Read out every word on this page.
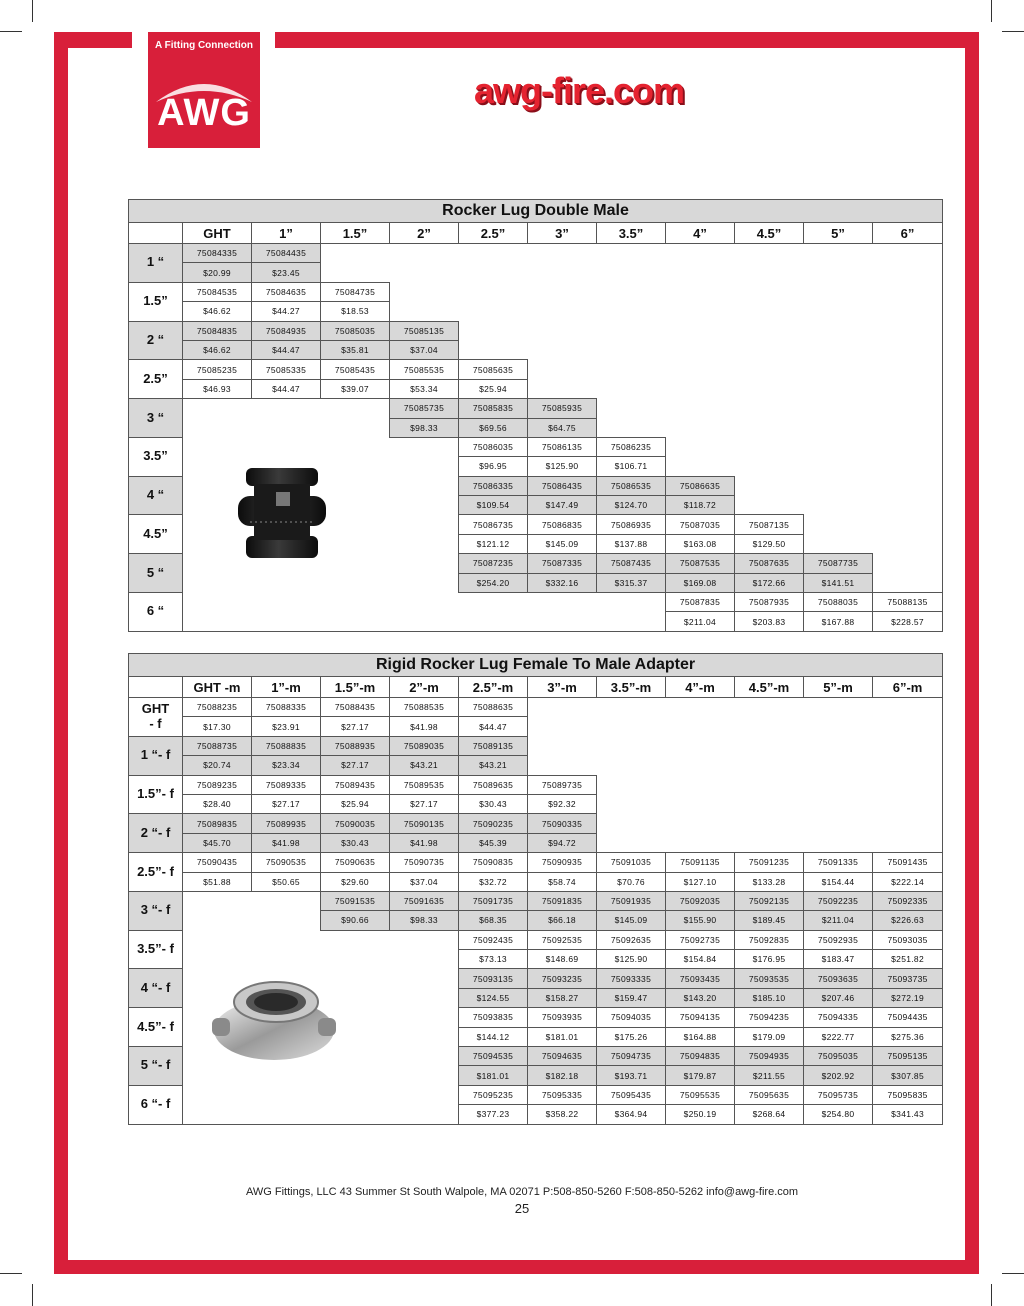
A Fitting Connection
AWG
awg-fire.com
Rocker Lug Double Male											
	GHT	1”	1.5”	2”	2.5”	3”	3.5”	4”	4.5”	5”	6”
1 “	75084335	75084435									
	$20.99	$23.45									
1.5”	75084535	75084635	75084735								
	$46.62	$44.27	$18.53								
2 “	75084835	75084935	75085035	75085135							
	$46.62	$44.47	$35.81	$37.04							
2.5”	75085235	75085335	75085435	75085535	75085635						
	$46.93	$44.47	$39.07	$53.34	$25.94						
3 “				75085735	75085835	75085935					
				$98.33	$69.56	$64.75					
3.5”					75086035	75086135	75086235				
					$96.95	$125.90	$106.71				
4 “					75086335	75086435	75086535	75086635			
					$109.54	$147.49	$124.70	$118.72			
4.5”					75086735	75086835	75086935	75087035	75087135		
					$121.12	$145.09	$137.88	$163.08	$129.50		
5 “					75087235	75087335	75087435	75087535	75087635	75087735	
					$254.20	$332.16	$315.37	$169.08	$172.66	$141.51	
6 “								75087835	75087935	75088035	75088135
								$211.04	$203.83	$167.88	$228.57
Rigid Rocker Lug Female To Male Adapter											
	GHT -m	1”-m	1.5”-m	2”-m	2.5”-m	3”-m	3.5”-m	4”-m	4.5”-m	5”-m	6”-m
GHT
- f	75088235	75088335	75088435	75088535	75088635						
	$17.30	$23.91	$27.17	$41.98	$44.47						
1 “- f	75088735	75088835	75088935	75089035	75089135						
	$20.74	$23.34	$27.17	$43.21	$43.21						
1.5”- f	75089235	75089335	75089435	75089535	75089635	75089735					
	$28.40	$27.17	$25.94	$27.17	$30.43	$92.32					
2 “- f	75089835	75089935	75090035	75090135	75090235	75090335					
	$45.70	$41.98	$30.43	$41.98	$45.39	$94.72					
2.5”- f	75090435	75090535	75090635	75090735	75090835	75090935	75091035	75091135	75091235	75091335	75091435
	$51.88	$50.65	$29.60	$37.04	$32.72	$58.74	$70.76	$127.10	$133.28	$154.44	$222.14
3 “- f			75091535	75091635	75091735	75091835	75091935	75092035	75092135	75092235	75092335
			$90.66	$98.33	$68.35	$66.18	$145.09	$155.90	$189.45	$211.04	$226.63
3.5”- f					75092435	75092535	75092635	75092735	75092835	75092935	75093035
					$73.13	$148.69	$125.90	$154.84	$176.95	$183.47	$251.82
4 “- f					75093135	75093235	75093335	75093435	75093535	75093635	75093735
					$124.55	$158.27	$159.47	$143.20	$185.10	$207.46	$272.19
4.5”- f					75093835	75093935	75094035	75094135	75094235	75094335	75094435
					$144.12	$181.01	$175.26	$164.88	$179.09	$222.77	$275.36
5 “- f					75094535	75094635	75094735	75094835	75094935	75095035	75095135
					$181.01	$182.18	$193.71	$179.87	$211.55	$202.92	$307.85
6 “- f					75095235	75095335	75095435	75095535	75095635	75095735	75095835
					$377.23	$358.22	$364.94	$250.19	$268.64	$254.80	$341.43
AWG Fittings, LLC 43 Summer St South Walpole, MA 02071 P:508-850-5260 F:508-850-5262 info@awg-fire.com
25
